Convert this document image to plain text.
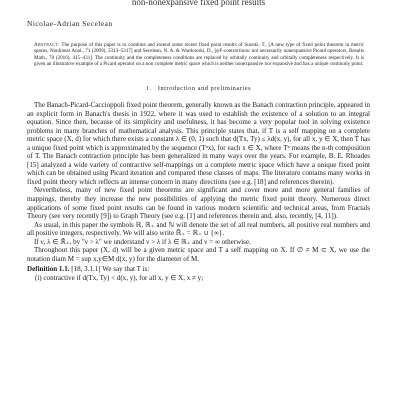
non-nonexpansive fixed point results
Nicolae-Adrian Secelean
Abstract. The purpose of this paper is to combine and extend some recent fixed point results of Suzuki, T., [A new type of fixed point theorem in metric spaces, Nonlinear Anal., 71 (2009), 5313–5317] and Secelean, N. A. & Wardowski, D., [ψF-contractions: not necessarily nonexpansive Picard operators, Results Math., 70 (2016), 415–431]. The continuity and the completeness conditions are replaced by orbitally continuity and orbitally completeness respectively. It is given an illustrative example of a Picard operator on a non complete metric space which is neither nonexpansive nor expansive and has a unique continuity point.
1. Introduction and preliminaries

The Banach-Picard-Caccioppoli fixed point theorem, generally known as the Banach contraction principle, appeared in an explicit form in Banach's thesis in 1922, where it was used to establish the existence of a solution to an integral equation. Since then, because of its simplicity and usefulness, it has become a very popular tool in solving existence problems in many branches of mathematical analysis. This principle states that, if T is a self mapping on a complete metric space (X, d) for which there exists a constant λ ∈ (0, 1) such that d(Tx, Ty) ≤ λd(x, y), for all x, y ∈ X, then T has a unique fixed point which is approximated by the sequence (Tⁿx), for each x ∈ X, where Tⁿ means the n-th composition of T. The Banach contraction principle has been generalized in many ways over the years. For example, B. E. Rhoades [15] analyzed a wide variety of contractive self-mappings on a complete metric space which have a unique fixed point which can be obtained using Picard iteration and compared these classes of maps. The literature contains many works in fixed point theory which reflects an intense concern in many directions (see e.g. [18] and references therein).

Nevertheless, many of new fixed point theorems are significant and cover more and more general families of mappings, thereby they increase the new possibilities of applying the metric fixed point theory. Numerous direct applications of some fixed point results can be found in various modern scientific and technical areas, from Fractals Theory (see very recently [9]) to Graph Theory (see e.g. [1] and references therein and, also, recently, [4, 11]).

As usual, in this paper the symbols ℝ, ℝ₊ and ℕ will denote the set of all real numbers, all positive real numbers and all positive integers, respectively. We will also write ℝ̄₊ = ℝ₊ ∪ {∞}.

If ν, λ ∈ ℝ̄₊, by "ν > λ" we understand ν > λ if λ ∈ ℝ₊ and ν = ∞ otherwise.

Throughout this paper (X, d) will be a given metric space and T a self mapping on X. If ∅ ≠ M ⊂ X, we use the notation diam M = sup x,y∈M d(x, y) for the diameter of M.

Definition 1.1. [18, 3.1.1] We say that T is:
(i) contractive if d(Tx, Ty) < d(x, y), for all x, y ∈ X, x ≠ y;
